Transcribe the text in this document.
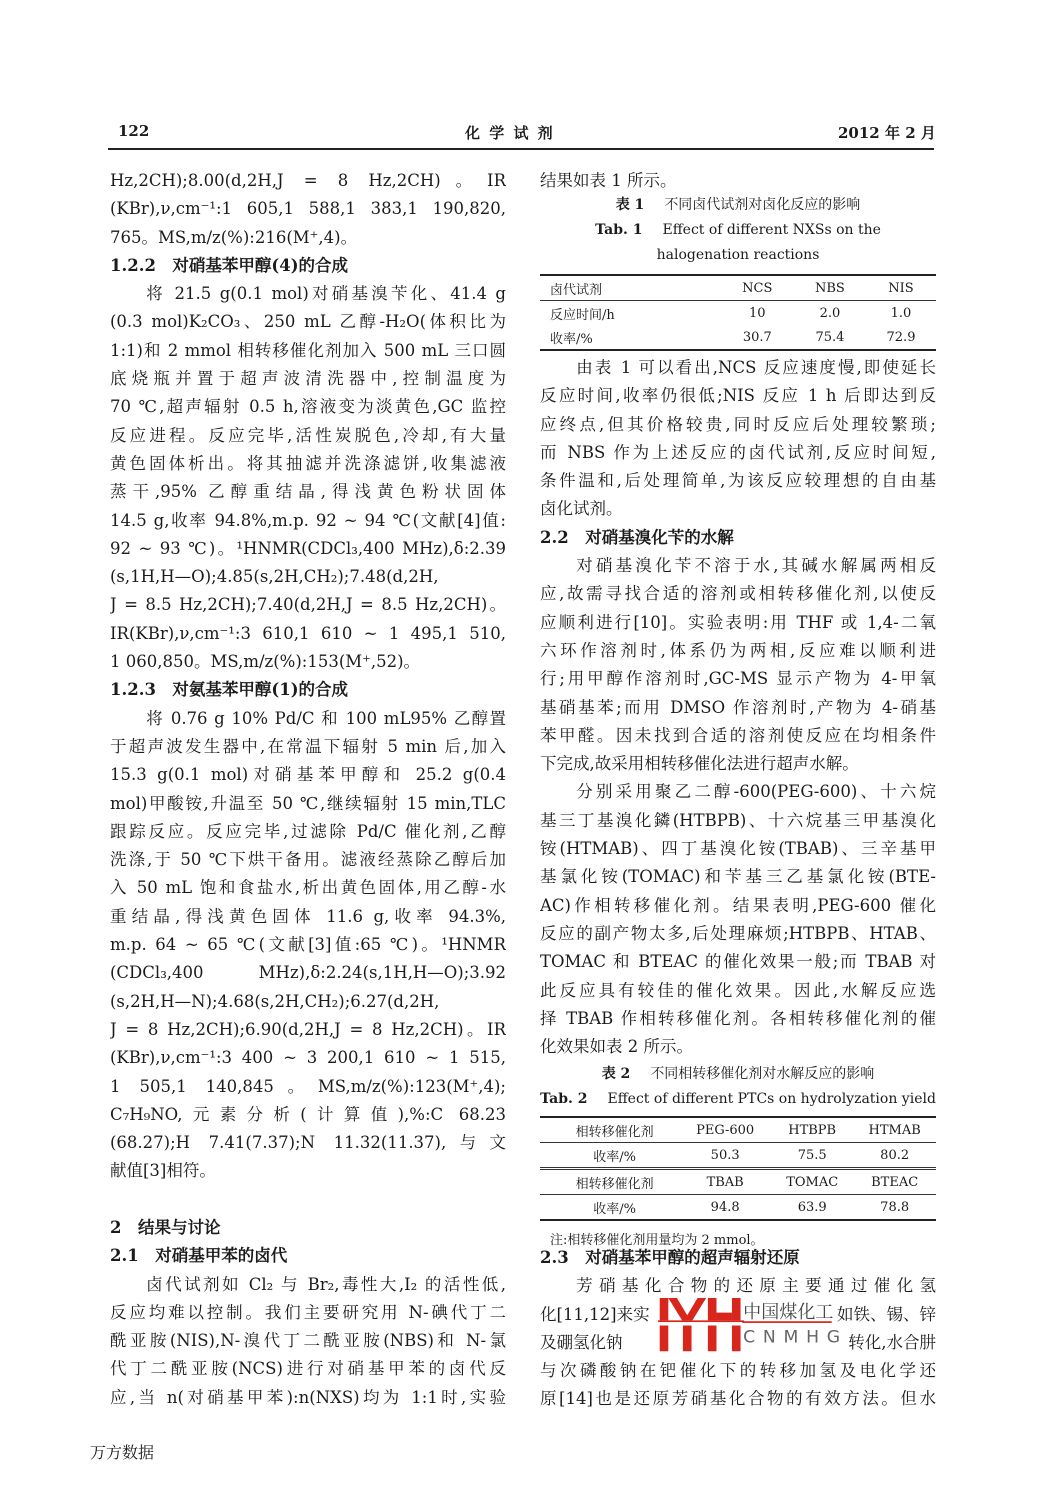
122	化 学 试 剂	2012 年 2 月
Hz,2CH);8.00(d,2H,J = 8 Hz,2CH)。IR
(KBr),ν,cm⁻¹:1 605,1 588,1 383,1 190,820,
765。MS,m/z(%):216(M⁺,4)。
1.2.2　对硝基苯甲醇(4)的合成
将 21.5 g(0.1 mol)对硝基溴苄化、41.4 g
(0.3 mol)K₂CO₃、250 mL 乙醇-H₂O(体积比为
1:1)和 2 mmol 相转移催化剂加入 500 mL 三口圆
底烧瓶并置于超声波清洗器中,控制温度为
70 ℃,超声辐射 0.5 h,溶液变为淡黄色,GC 监控
反应进程。反应完毕,活性炭脱色,冷却,有大量
黄色固体析出。将其抽滤并洗涤滤饼,收集滤液
蒸干,95% 乙醇重结晶,得浅黄色粉状固体
14.5 g,收率 94.8%,m.p. 92 ~ 94 ℃(文献[4]值:
92 ~ 93 ℃)。¹HNMR(CDCl₃,400 MHz),δ:2.39
(s,1H,H—O);4.85(s,2H,CH₂);7.48(d,2H,
J = 8.5 Hz,2CH);7.40(d,2H,J = 8.5 Hz,2CH)。
IR(KBr),ν,cm⁻¹:3 610,1 610 ~ 1 495,1 510,
1 060,850。MS,m/z(%):153(M⁺,52)。
1.2.3　对氨基苯甲醇(1)的合成
将 0.76 g 10% Pd/C 和 100 mL95% 乙醇置
于超声波发生器中,在常温下辐射 5 min 后,加入
15.3 g(0.1 mol)对硝基苯甲醇和 25.2 g(0.4
mol)甲酸铵,升温至 50 ℃,继续辐射 15 min,TLC
跟踪反应。反应完毕,过滤除 Pd/C 催化剂,乙醇
洗涤,于 50 ℃下烘干备用。滤液经蒸除乙醇后加
入 50 mL 饱和食盐水,析出黄色固体,用乙醇-水
重结晶,得浅黄色固体 11.6 g,收率 94.3%,
m.p. 64 ~ 65 ℃(文献[3]值:65 ℃)。¹HNMR
(CDCl₃,400 MHz),δ:2.24(s,1H,H—O);3.92
(s,2H,H—N);4.68(s,2H,CH₂);6.27(d,2H,
J = 8 Hz,2CH);6.90(d,2H,J = 8 Hz,2CH)。IR
(KBr),ν,cm⁻¹:3 400 ~ 3 200,1 610 ~ 1 515,
1 505,1 140,845。MS,m/z(%):123(M⁺,4);
C₇H₉NO,元素分析(计算值),%:C 68.23
(68.27);H 7.41(7.37);N 11.32(11.37),与文
献值[3]相符。
2　结果与讨论
2.1　对硝基甲苯的卤代
卤代试剂如 Cl₂ 与 Br₂,毒性大,I₂ 的活性低,
反应均难以控制。我们主要研究用 N-碘代丁二
酰亚胺(NIS),N-溴代丁二酰亚胺(NBS)和 N-氯
代丁二酰亚胺(NCS)进行对硝基甲苯的卤代反
应,当 n(对硝基甲苯):n(NXS)均为 1:1时,实验
结果如表 1 所示。
表 1 不同卤代试剂对卤化反应的影响
Tab. 1 Effect of different NXSs on the
halogenation reactions
卤代试剂	NCS	NBS	NIS
反应时间/h	10	2.0	1.0
收率/%	30.7	75.4	72.9
由表 1 可以看出,NCS 反应速度慢,即使延长
反应时间,收率仍很低;NIS 反应 1 h 后即达到反
应终点,但其价格较贵,同时反应后处理较繁琐;
而 NBS 作为上述反应的卤代试剂,反应时间短,
条件温和,后处理简单,为该反应较理想的自由基
卤化试剂。
2.2　对硝基溴化苄的水解
对硝基溴化苄不溶于水,其碱水解属两相反
应,故需寻找合适的溶剂或相转移催化剂,以使反
应顺利进行[10]。实验表明:用 THF 或 1,4-二氧
六环作溶剂时,体系仍为两相,反应难以顺利进
行;用甲醇作溶剂时,GC-MS 显示产物为 4-甲氧
基硝基苯;而用 DMSO 作溶剂时,产物为 4-硝基
苯甲醛。因未找到合适的溶剂使反应在均相条件
下完成,故采用相转移催化法进行超声水解。
分别采用聚乙二醇-600(PEG-600)、十六烷
基三丁基溴化鏻(HTBPB)、十六烷基三甲基溴化
铵(HTMAB)、四丁基溴化铵(TBAB)、三辛基甲
基氯化铵(TOMAC)和苄基三乙基氯化铵(BTE-
AC)作相转移催化剂。结果表明,PEG-600 催化
反应的副产物太多,后处理麻烦;HTBPB、HTAB、
TOMAC 和 BTEAC 的催化效果一般;而 TBAB 对
此反应具有较佳的催化效果。因此,水解反应选
择 TBAB 作相转移催化剂。各相转移催化剂的催
化效果如表 2 所示。
表 2 不同相转移催化剂对水解反应的影响
Tab. 2 Effect of different PTCs on hydrolyzation yield
相转移催化剂	PEG-600	HTBPB	HTMAB
收率/%	50.3	75.5	80.2
相转移催化剂	TBAB	TOMAC	BTEAC
收率/%	94.8	63.9	78.8
注:相转移催化剂用量均为 2 mmol。
2.3　对硝基苯甲醇的超声辐射还原
芳硝基化合物的还原主要通过催化氢
化[11,12]来实	如铁、锡、锌
及硼氢化钠	转化,水合肼
与次磷酸钠在钯催化下的转移加氢及电化学还
原[14]也是还原芳硝基化合物的有效方法。但水
中国煤化工
CNMHG
万方数据
